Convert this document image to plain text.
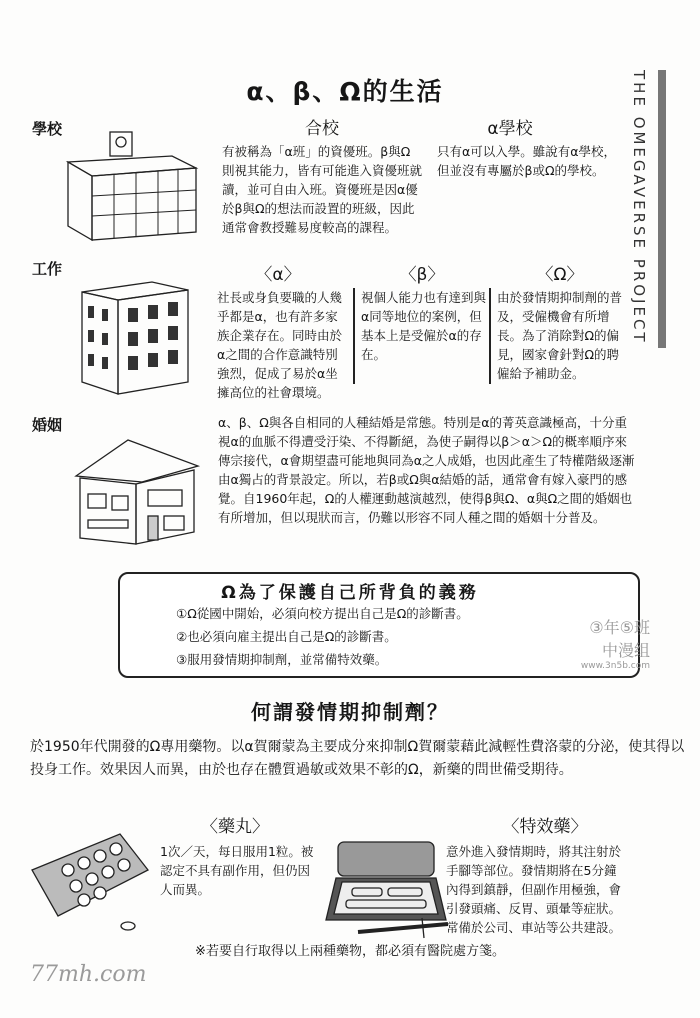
α、β、Ω的生活	THE OMEGAVERSE PROJECT
學校	合校
有被稱為「α班」的資優班。β與Ω則視其能力，皆有可能進入資優班就讀，並可自由入班。資優班是因α優於β與Ω的想法而設置的班級，因此通常會教授難易度較高的課程。
α學校
只有α可以入學。雖說有α學校，但並沒有專屬於β或Ω的學校。
工作	〈α〉
社長或身負要職的人幾乎都是α，也有許多家族企業存在。同時由於α之間的合作意識特別強烈，促成了易於α坐擁高位的社會環境。
〈β〉
視個人能力也有達到與α同等地位的案例，但基本上是受僱於α的存在。
〈Ω〉
由於發情期抑制劑的普及，受僱機會有所增長。為了消除對Ω的偏見，國家會針對Ω的聘僱給予補助金。
婚姻	α、β、Ω與各自相同的人種結婚是常態。特別是α的菁英意識極高，十分重視α的血脈不得遭受汙染、不得斷絕，為使子嗣得以β＞α＞Ω的概率順序來傳宗接代，α會期望盡可能地與同為α之人成婚，也因此產生了特權階級逐漸由α獨占的背景設定。所以，若β或Ω與α結婚的話，通常會有嫁入豪門的感覺。自1960年起，Ω的人權運動越演越烈，使得β與Ω、α與Ω之間的婚姻也有所增加，但以現狀而言，仍難以形容不同人種之間的婚姻十分普及。
Ω為了保護自己所背負的義務
①Ω從國中開始，必須向校方提出自己是Ω的診斷書。
②也必須向雇主提出自己是Ω的診斷書。
③服用發情期抑制劑，並常備特效藥。
③年⑤班
中漫组
www.3n5b.com
何謂發情期抑制劑？
於1950年代開發的Ω專用藥物。以α賀爾蒙為主要成分來抑制Ω賀爾蒙藉此減輕性費洛蒙的分泌，使其得以投身工作。效果因人而異，由於也存在體質過敏或效果不彰的Ω，新藥的問世備受期待。
〈藥丸〉
1次／天，每日服用1粒。被認定不具有副作用，但仍因人而異。
〈特效藥〉
意外進入發情期時，將其注射於手腳等部位。發情期將在5分鐘內得到鎮靜，但副作用極強，會引發頭痛、反胃、頭暈等症狀。常備於公司、車站等公共建設。
※若要自行取得以上兩種藥物，都必須有醫院處方箋。
77mh.com
